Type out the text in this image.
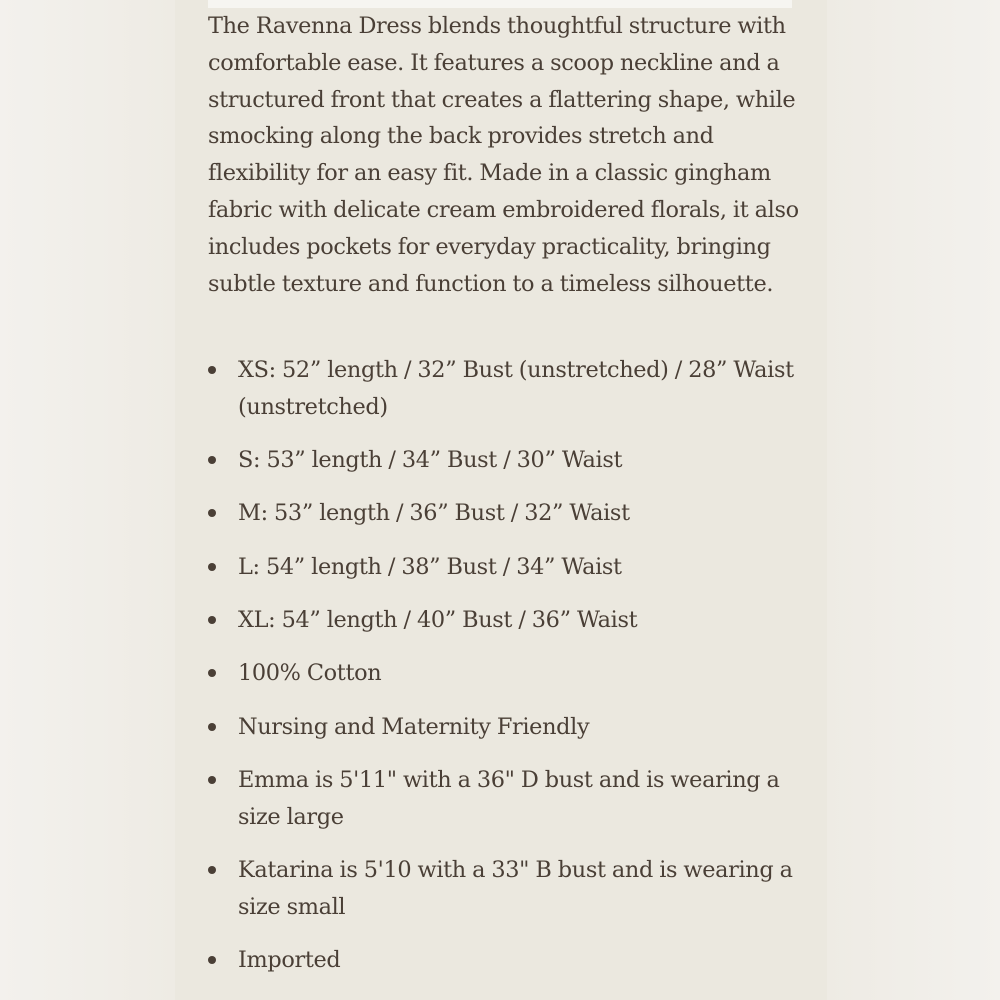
The Ravenna Dress blends thoughtful structure with comfortable ease. It features a scoop neckline and a structured front that creates a flattering shape, while smocking along the back provides stretch and flexibility for an easy fit. Made in a classic gingham fabric with delicate cream embroidered florals, it also includes pockets for everyday practicality, bringing subtle texture and function to a timeless silhouette.

XS: 52” length / 32” Bust (unstretched) / 28” Waist (unstretched)
S: 53” length / 34” Bust / 30” Waist
M: 53” length / 36” Bust / 32” Waist
L: 54” length / 38” Bust / 34” Waist
XL: 54” length / 40” Bust / 36” Waist
100% Cotton
Nursing and Maternity Friendly
Emma is 5'11" with a 36" D bust and is wearing a size large
Katarina is 5'10 with a 33" B bust and is wearing a size small
Imported
